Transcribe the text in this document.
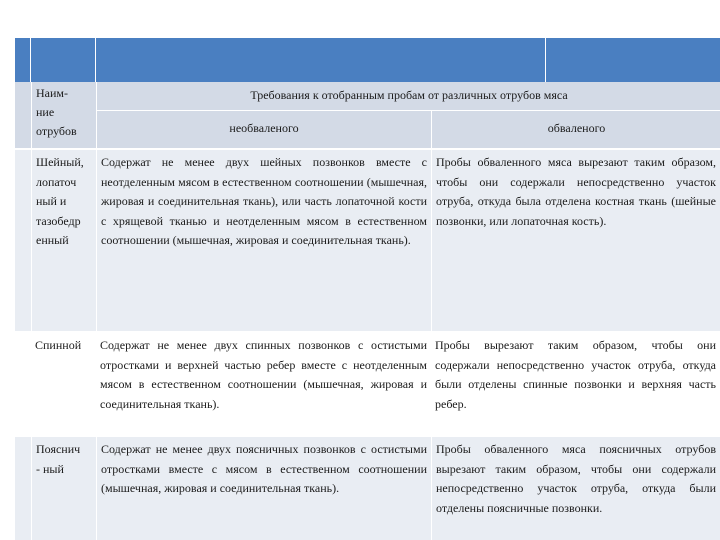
Наим-
ние
отрубов
Требования к отобранным пробам от различных отрубов мяса
необваленого	обваленого
Шейный,
лопаточ
ный и
тазобедр
енный
Содержат не менее двух шейных позвонков вместе с неотделенным мясом в естественном соотношении (мышечная, жировая и соединительная ткань), или часть лопаточной кости с хрящевой тканью и неотделенным мясом в естественном соотношении (мышечная, жировая и соединительная ткань).
Пробы обваленного мяса вырезают таким образом, чтобы они содержали непосредственно участок отруба, откуда была отделена костная ткань (шейные позвонки, или лопаточная кость).
Спинной	Содержат не менее двух спинных позвонков с остистыми отростками и верхней частью ребер вместе с неотделенным мясом в естественном соотношении (мышечная, жировая и соединительная ткань).
Пробы вырезают таким образом, чтобы они содержали непосредственно участок отруба, откуда были отделены спинные позвонки и верхняя часть ребер.
Пояснич
- ный
Содержат не менее двух поясничных позвонков с остистыми отростками вместе с мясом в естественном соотношении (мышечная, жировая и соединительная ткань).
Пробы обваленного мяса поясничных отрубов вырезают таким образом, чтобы они содержали непосредственно участок отруба, откуда были отделены поясничные позвонки.
